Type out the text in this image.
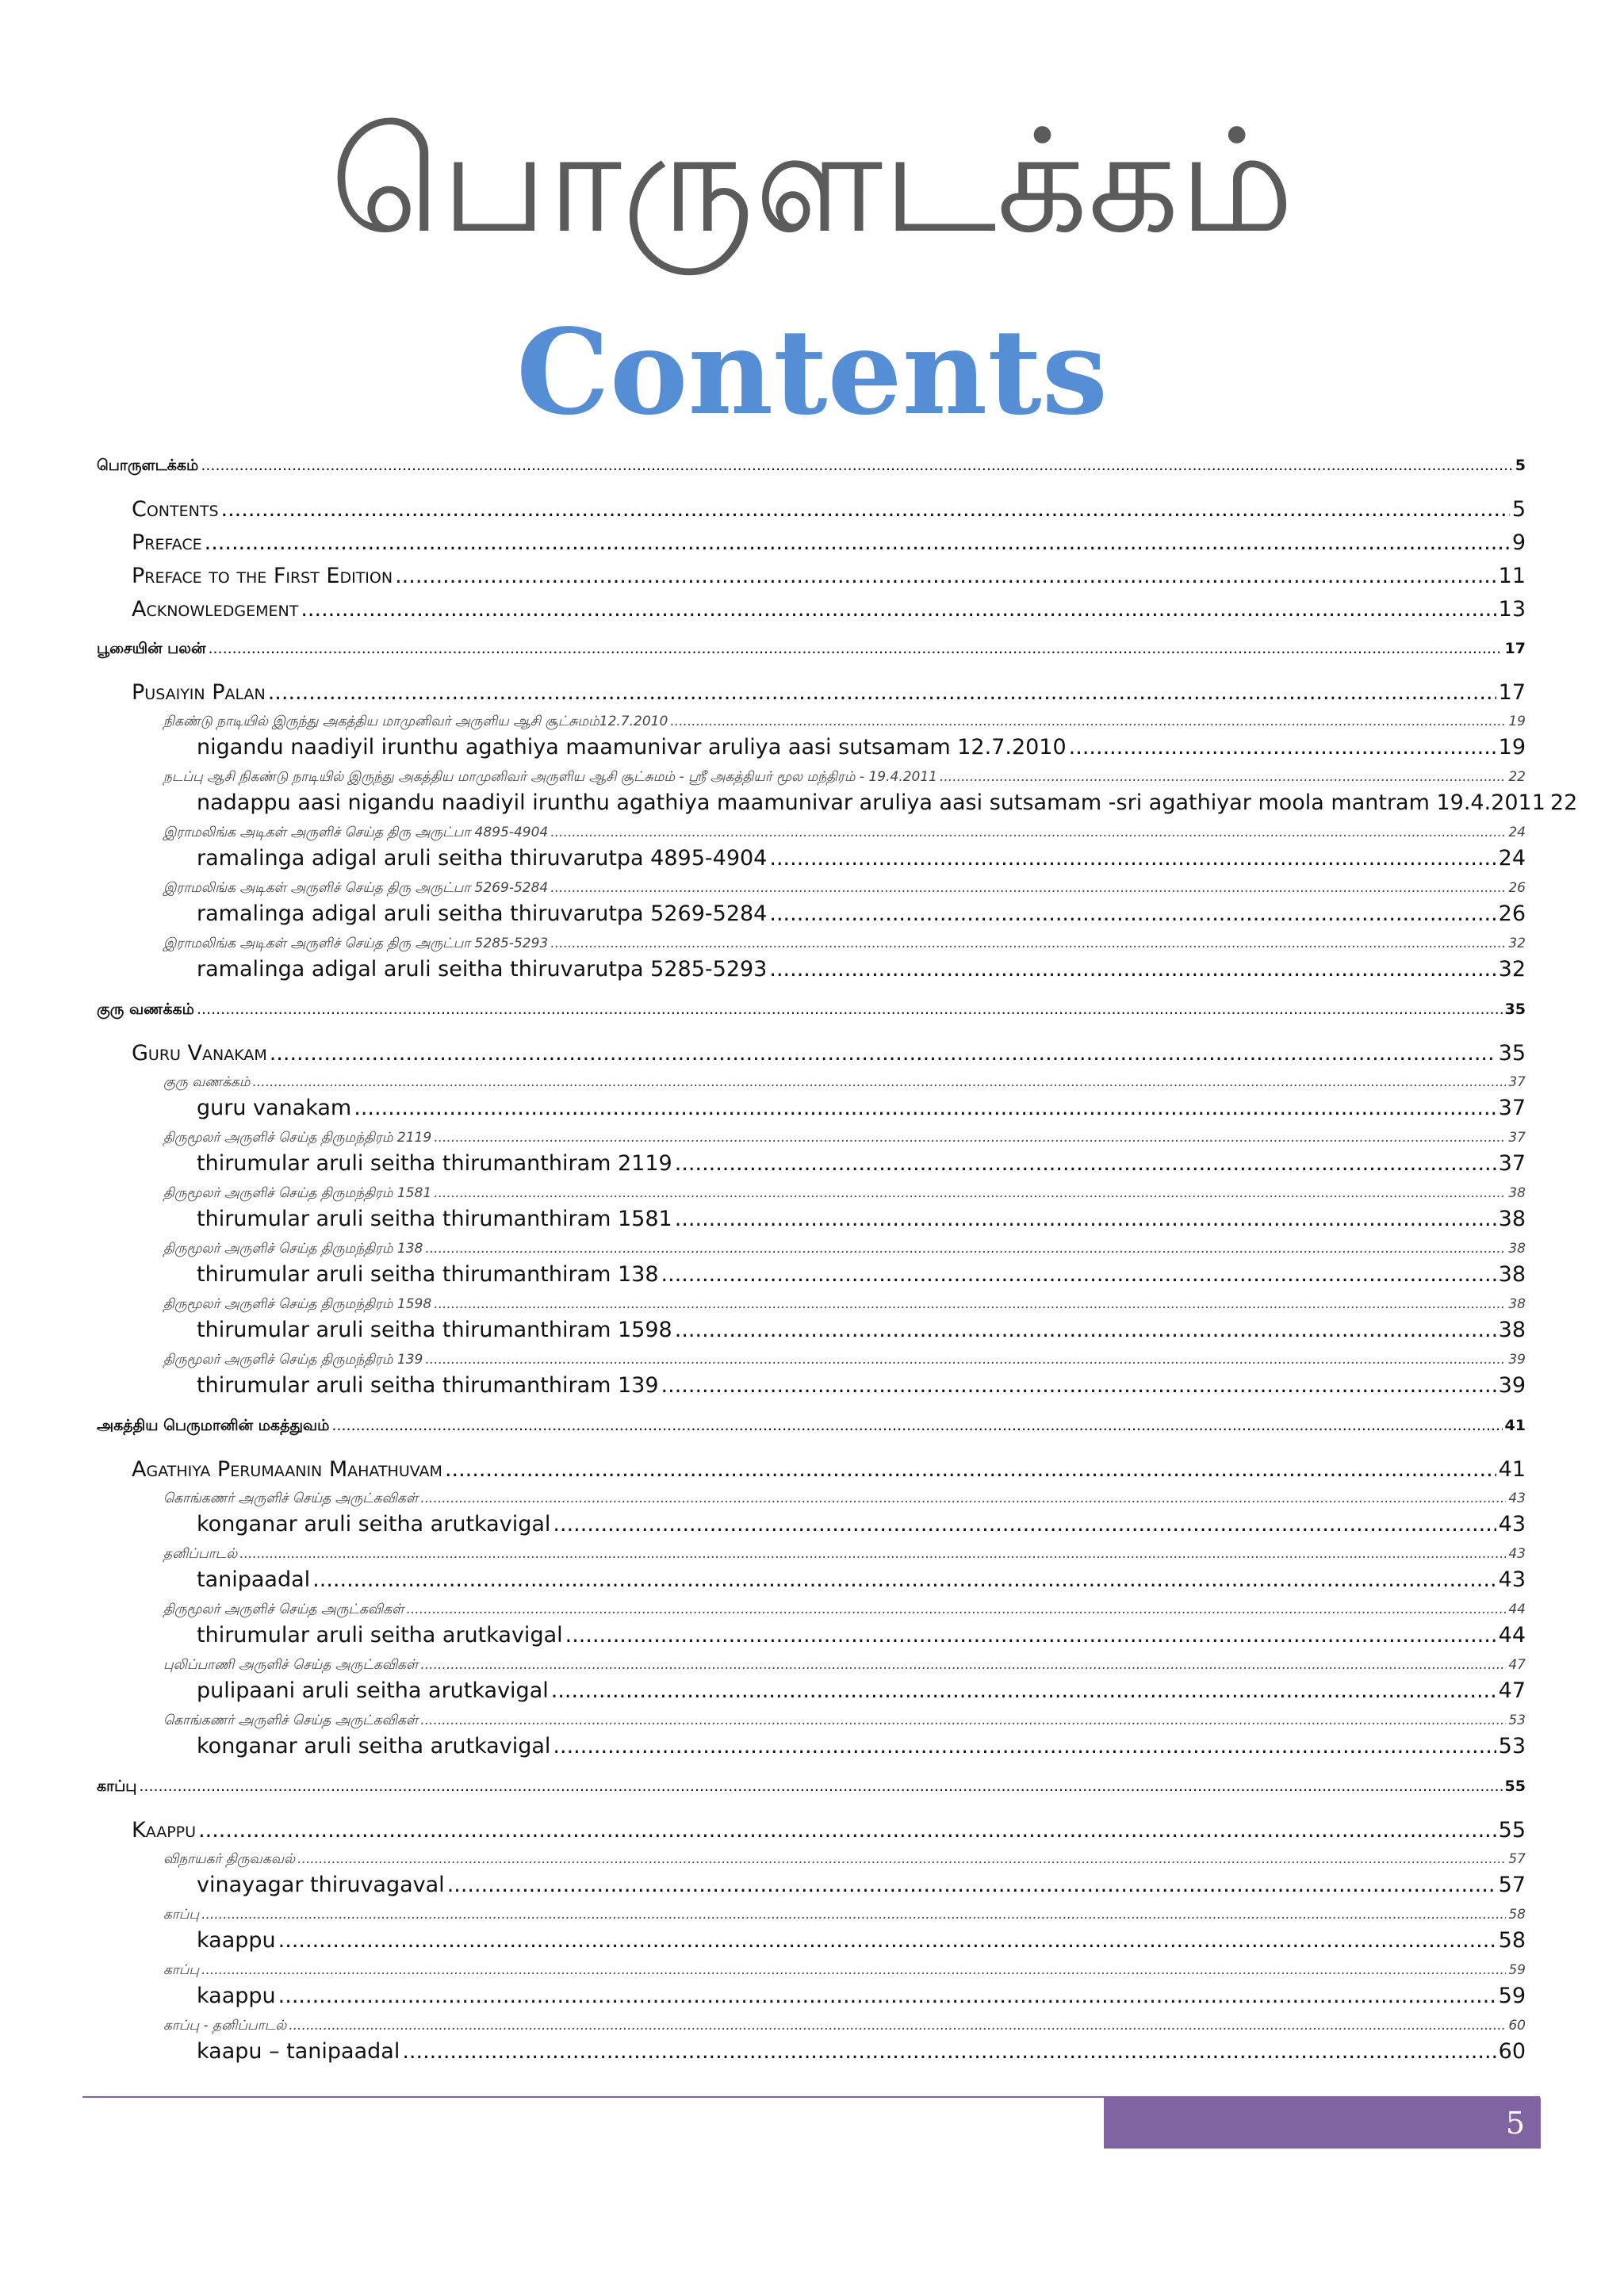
பொருளடக்கம்
Contents
பொருளடக்கம் .....	5
Contents .....	5
Preface .....	9
Preface to the First Edition .....	11
Acknowledgement .....	13
பூசையின் பலன் .....	17
Pusaiyin Palan .....	17
நிகண்டு நாடியில் இருந்து அகத்திய மாமுனிவர் அருளிய ஆசி சூட்சுமம்12.7.2010 .....	19
nigandu naadiyil irunthu agathiya maamunivar aruliya aasi sutsamam 12.7.2010 .....	19
நடப்பு ஆசி நிகண்டு நாடியில் இருந்து அகத்திய மாமுனிவர் அருளிய ஆசி சூட்சுமம் - ஸ்ரீ அகத்தியர் மூல மந்திரம் - 19.4.2011 .....	22
nadappu aasi nigandu naadiyil irunthu agathiya maamunivar aruliya aasi sutsamam -sri agathiyar moola mantram 19.4.2011 22
இராமலிங்க அடிகள் அருளிச் செய்த திரு அருட்பா 4895-4904 .....	24
ramalinga adigal aruli seitha thiruvarutpa 4895-4904 .....	24
இராமலிங்க அடிகள் அருளிச் செய்த திரு அருட்பா 5269-5284 .....	26
ramalinga adigal aruli seitha thiruvarutpa 5269-5284 .....	26
இராமலிங்க அடிகள் அருளிச் செய்த திரு அருட்பா 5285-5293 .....	32
ramalinga adigal aruli seitha thiruvarutpa 5285-5293 .....	32
குரு வணக்கம் .....	35
Guru Vanakam .....	35
குரு வணக்கம் .....	37
guru vanakam .....	37
திருமூலர் அருளிச் செய்த திருமந்திரம் 2119 .....	37
thirumular aruli seitha thirumanthiram 2119 .....	37
திருமூலர் அருளிச் செய்த திருமந்திரம் 1581 .....	38
thirumular aruli seitha thirumanthiram 1581 .....	38
திருமூலர் அருளிச் செய்த திருமந்திரம் 138 .....	38
thirumular aruli seitha thirumanthiram 138 .....	38
திருமூலர் அருளிச் செய்த திருமந்திரம் 1598 .....	38
thirumular aruli seitha thirumanthiram 1598 .....	38
திருமூலர் அருளிச் செய்த திருமந்திரம் 139 .....	39
thirumular aruli seitha thirumanthiram 139 .....	39
அகத்திய பெருமானின் மகத்துவம் .....	41
Agathiya Perumaanin Mahathuvam .....	41
கொங்கணர் அருளிச் செய்த அருட்கவிகள் .....	43
konganar aruli seitha arutkavigal .....	43
தனிப்பாடல் .....	43
tanipaadal .....	43
திருமூலர் அருளிச் செய்த அருட்கவிகள் .....	44
thirumular aruli seitha arutkavigal .....	44
புலிப்பாணி அருளிச் செய்த அருட்கவிகள் .....	47
pulipaani aruli seitha arutkavigal .....	47
கொங்கணர் அருளிச் செய்த அருட்கவிகள் .....	53
konganar aruli seitha arutkavigal .....	53
காப்பு .....	55
Kaappu .....	55
விநாயகர் திருவகவல் .....	57
vinayagar thiruvagaval .....	57
காப்பு .....	58
kaappu .....	58
காப்பு .....	59
kaappu .....	59
காப்பு - தனிப்பாடல் .....	60
kaapu – tanipaadal .....	60
5
